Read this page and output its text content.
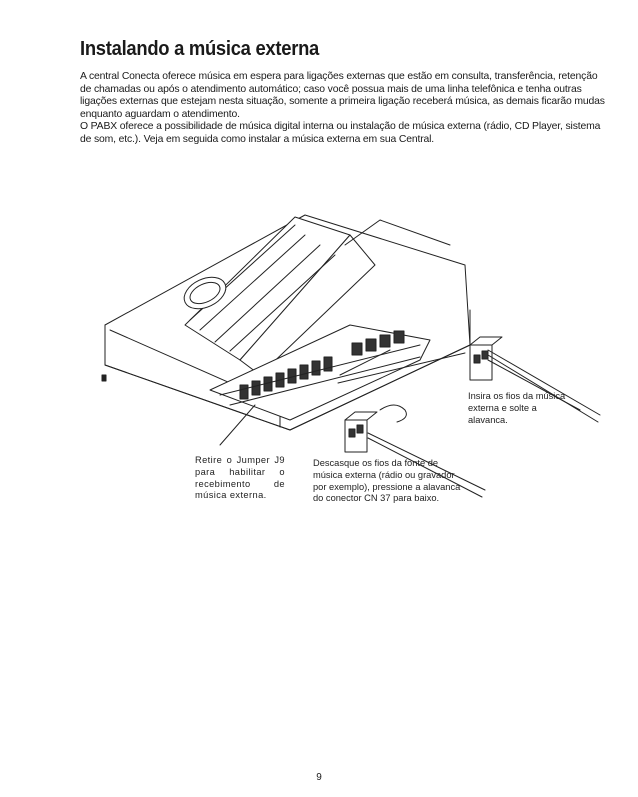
Instalando a música externa

A central Conecta oferece música em espera para ligações externas que estão em consulta, transferência, retenção de chamadas ou após o atendimento automático; caso você possua mais de uma linha telefônica e tenha outras ligações externas que estejam nesta situação, somente a primeira ligação receberá música, as demais ficarão mudas enquanto aguardam o atendimento.

O PABX oferece a possibilidade de música digital interna ou instalação de música externa (rádio, CD Player, sistema de som, etc.). Veja em seguida como instalar a música externa em sua Central.

Insira os fios da música externa e solte a alavanca.
Retire o Jumper J9 para habilitar o recebimento de música externa.
Descasque os fios da fonte de música externa (rádio ou gravador por exemplo), pressione a alavanca do conector CN 37 para baixo.
9
